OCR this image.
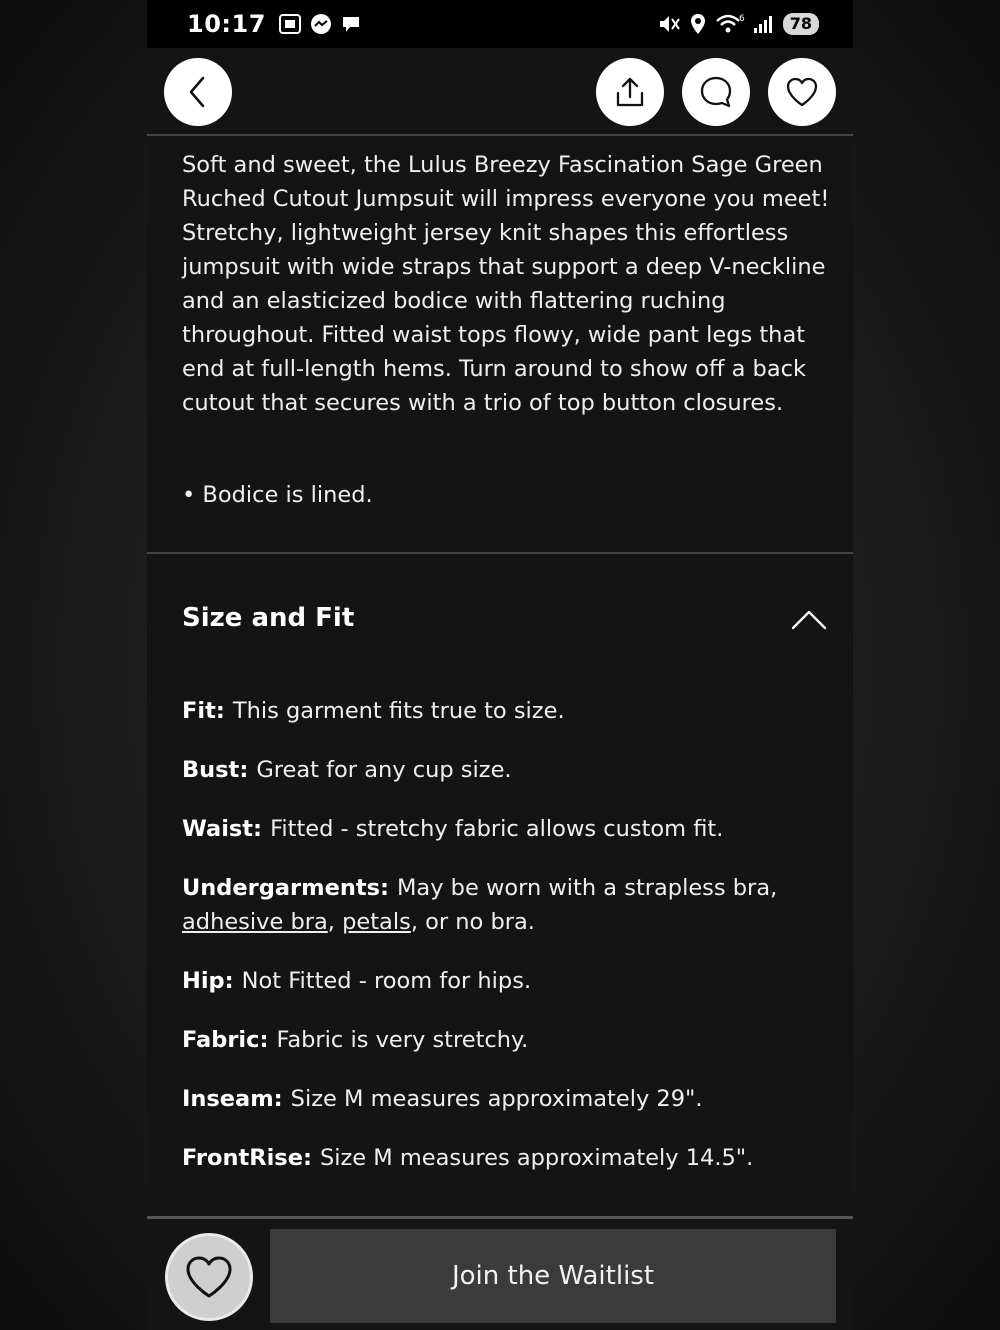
10:17	6	78

Soft and sweet, the Lulus Breezy Fascination Sage Green Ruched Cutout Jumpsuit will impress everyone you meet! Stretchy, lightweight jersey knit shapes this effortless jumpsuit with wide straps that support a deep V-neckline and an elasticized bodice with flattering ruching throughout. Fitted waist tops flowy, wide pant legs that end at full-length hems. Turn around to show off a back cutout that secures with a trio of top button closures.

• Bodice is lined.

Size and Fit

Fit: This garment fits true to size.

Bust: Great for any cup size.

Waist: Fitted - stretchy fabric allows custom fit.

Undergarments: May be worn with a strapless bra, adhesive bra, petals, or no bra.

Hip: Not Fitted - room for hips.

Fabric: Fabric is very stretchy.

Inseam: Size M measures approximately 29".

FrontRise: Size M measures approximately 14.5".

Join the Waitlist
